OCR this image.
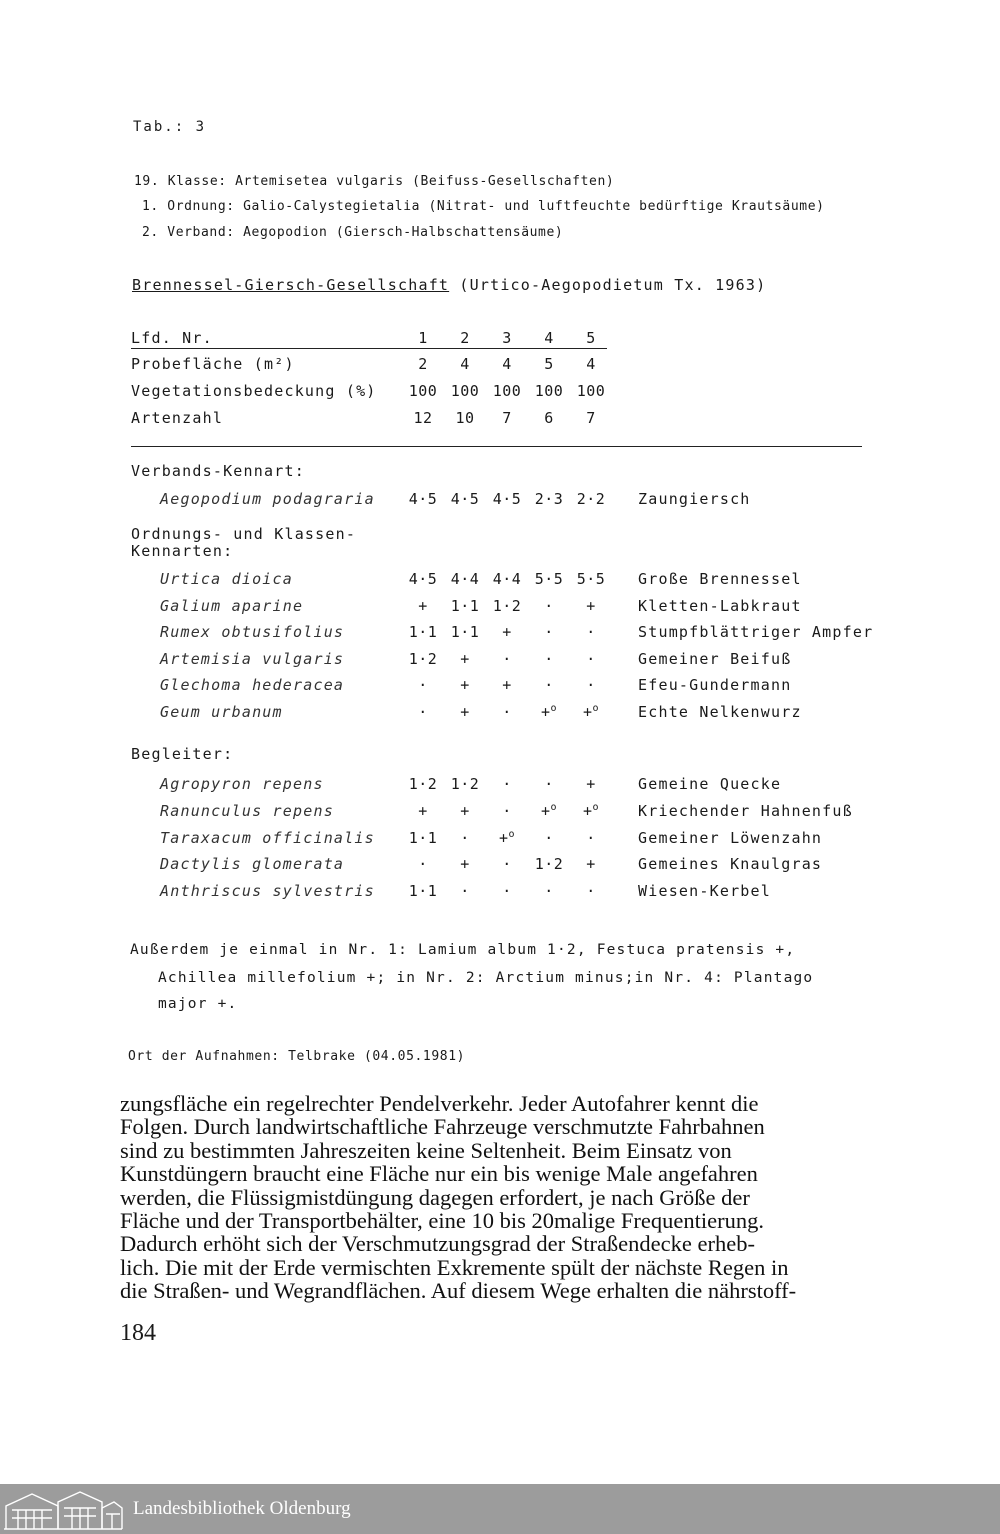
Tab.: 3
19. Klasse: Artemisetea vulgaris (Beifuss-Gesellschaften)
1. Ordnung: Galio-Calystegietalia (Nitrat- und luftfeuchte bedürftige Krautsäume)
2. Verband: Aegopodion (Giersch-Halbschattensäume)
Brennessel-Giersch-Gesellschaft (Urtico-Aegopodietum Tx. 1963)
Lfd. Nr.	1	2	3	4	5
Probefläche (m²)	2	4	4	5	4
Vegetationsbedeckung (%)	100 100 100 100 100
Artenzahl	12	10	7	6	7
Verbands-Kennart:
Aegopodium podagraria	4·5 4·5 4·5 2·3 2·2	Zaungiersch
Ordnungs- und Klassen-
Kennarten:
Urtica dioica	4·5 4·4 4·4 5·5 5·5	Große Brennessel
Galium aparine	+	1·1 1·2	·	+	Kletten-Labkraut
Rumex obtusifolius	1·1 1·1	+	·	·	Stumpfblättriger Ampfer
Artemisia vulgaris	1·2	+	·	·	·	Gemeiner Beifuß
Glechoma hederacea	·	+	+	·	·	Efeu-Gundermann
Geum urbanum	·	+	·	+$^o$	+$^o$	Echte Nelkenwurz
Begleiter:
Agropyron repens	1·2 1·2	·	·	+	Gemeine Quecke
Ranunculus repens	+	+	·	+$^o$	+$^o$	Kriechender Hahnenfuß
Taraxacum officinalis	1·1	·	+$^o$	·	·	Gemeiner Löwenzahn
Dactylis glomerata	·	+	·	1·2	+	Gemeines Knaulgras
Anthriscus sylvestris	1·1	·	·	·	·	Wiesen-Kerbel
Außerdem je einmal in Nr. 1: Lamium album 1·2, Festuca pratensis +,
Achillea millefolium +; in Nr. 2: Arctium minus;in Nr. 4: Plantago
major +.
Ort der Aufnahmen: Telbrake (04.05.1981)
zungsfläche ein regelrechter Pendelverkehr. Jeder Autofahrer kennt die
Folgen. Durch landwirtschaftliche Fahrzeuge verschmutzte Fahrbahnen
sind zu bestimmten Jahreszeiten keine Seltenheit. Beim Einsatz von
Kunstdüngern braucht eine Fläche nur ein bis wenige Male angefahren
werden, die Flüssigmistdüngung dagegen erfordert, je nach Größe der
Fläche und der Transportbehälter, eine 10 bis 20malige Frequentierung.
Dadurch erhöht sich der Verschmutzungsgrad der Straßendecke erheb-
lich. Die mit der Erde vermischten Exkremente spült der nächste Regen in
die Straßen- und Wegrandflächen. Auf diesem Wege erhalten die nährstoff-
184
Landesbibliothek Oldenburg
